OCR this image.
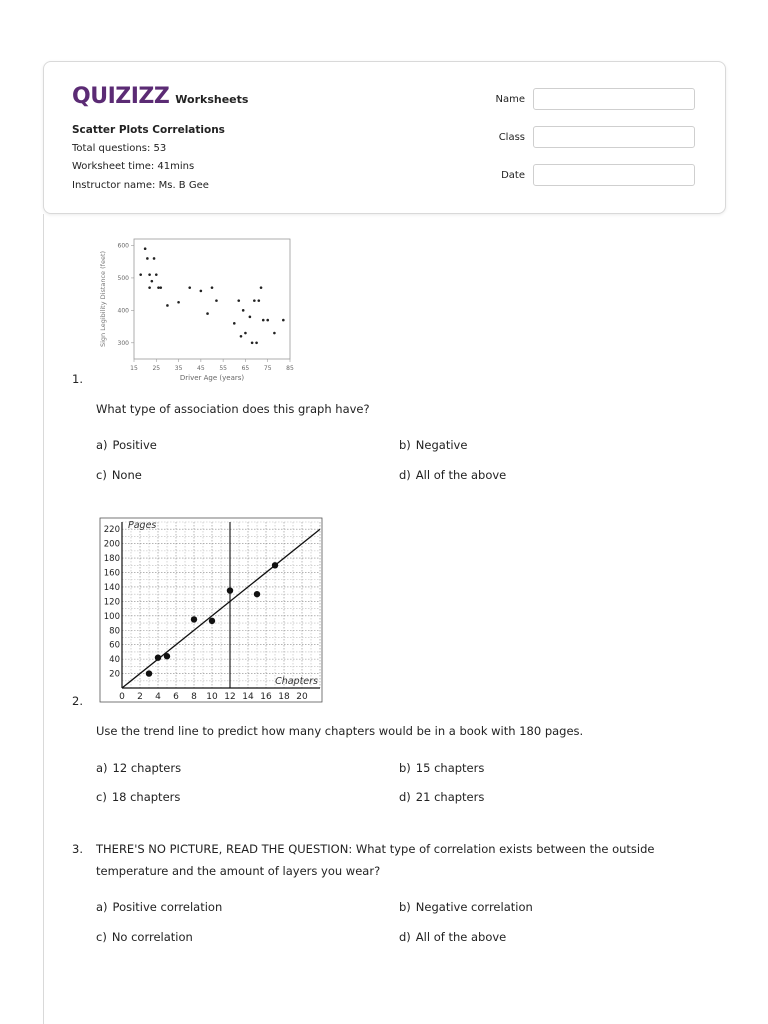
QUIZIZZ Worksheets
Scatter Plots Correlations
Total questions: 53
Worksheet time: 41mins
Instructor name: Ms. B Gee
Name
Class
Date
15 25 35 45 55 65 75 85
600
500
400
300
Driver Age (years)
Sign Legibility Distance (feet)
1.
What type of association does this graph have?
a) Positive	b) Negative
c) None	d) All of the above
0 2 4 6 8 10 12 14 16 18 20
20
40
60
80
100
120
140
160
180
200
220 Pages
Chapters
2.
Use the trend line to predict how many chapters would be in a book with 180 pages.
a) 12 chapters	b) 15 chapters
c) 18 chapters	d) 21 chapters
3. THERE'S NO PICTURE, READ THE QUESTION: What type of correlation exists between the outside temperature and the amount of layers you wear?
a) Positive correlation	b) Negative correlation
c) No correlation	d) All of the above
